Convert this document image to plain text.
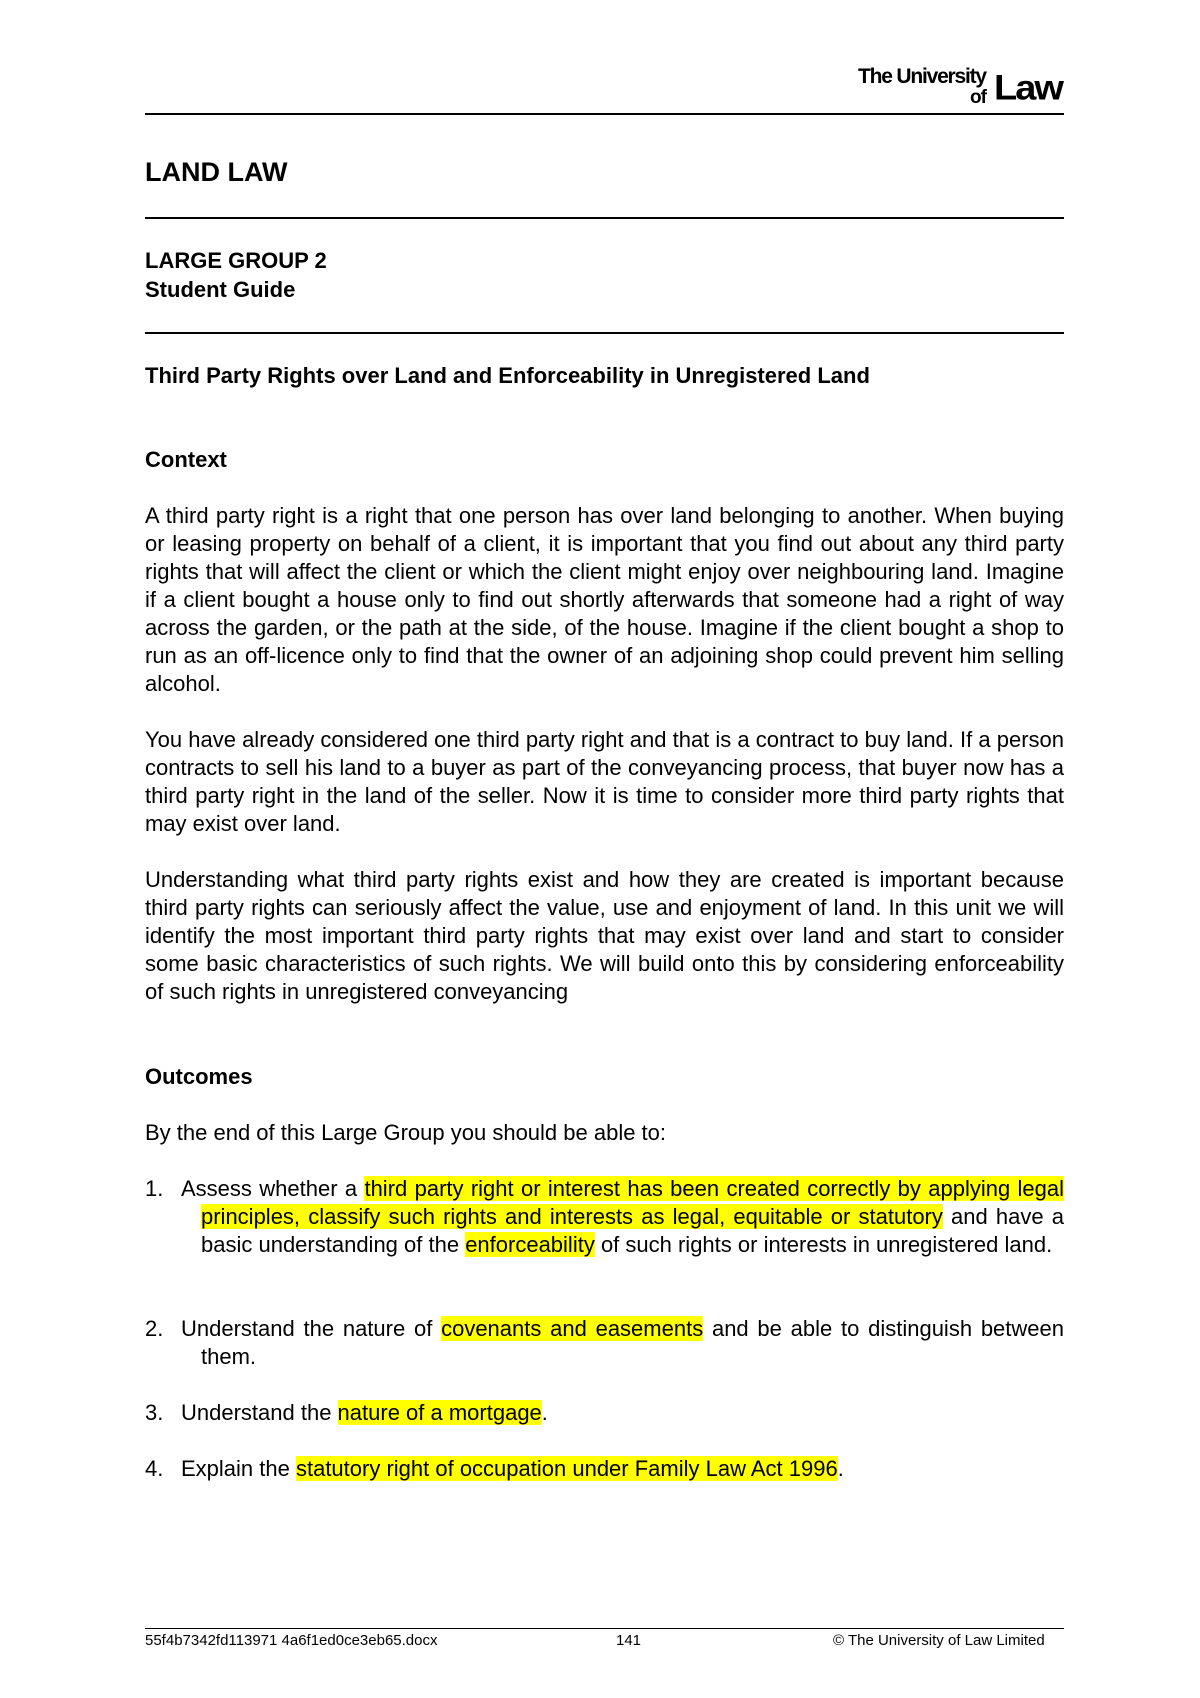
The University
of Law
LAND LAW
LARGE GROUP 2
Student Guide
Third Party Rights over Land and Enforceability in Unregistered Land
Context
A third party right is a right that one person has over land belonging to another. When buying or leasing property on behalf of a client, it is important that you find out about any third party rights that will affect the client or which the client might enjoy over neighbouring land. Imagine if a client bought a house only to find out shortly afterwards that someone had a right of way across the garden, or the path at the side, of the house. Imagine if the client bought a shop to run as an off-licence only to find that the owner of an adjoining shop could prevent him selling alcohol.
You have already considered one third party right and that is a contract to buy land. If a person contracts to sell his land to a buyer as part of the conveyancing process, that buyer now has a third party right in the land of the seller. Now it is time to consider more third party rights that may exist over land.
Understanding what third party rights exist and how they are created is important because third party rights can seriously affect the value, use and enjoyment of land. In this unit we will identify the most important third party rights that may exist over land and start to consider some basic characteristics of such rights. We will build onto this by considering enforceability of such rights in unregistered conveyancing
Outcomes
By the end of this Large Group you should be able to:
1. Assess whether a third party right or interest has been created correctly by applying legal principles, classify such rights and interests as legal, equitable or statutory and have a basic understanding of the enforceability of such rights or interests in unregistered land.
2. Understand the nature of covenants and easements and be able to distinguish between them.
3. Understand the nature of a mortgage.
4. Explain the statutory right of occupation under Family Law Act 1996.
55f4b7342fd113971 4a6f1ed0ce3eb65.docx	141	© The University of Law Limited
